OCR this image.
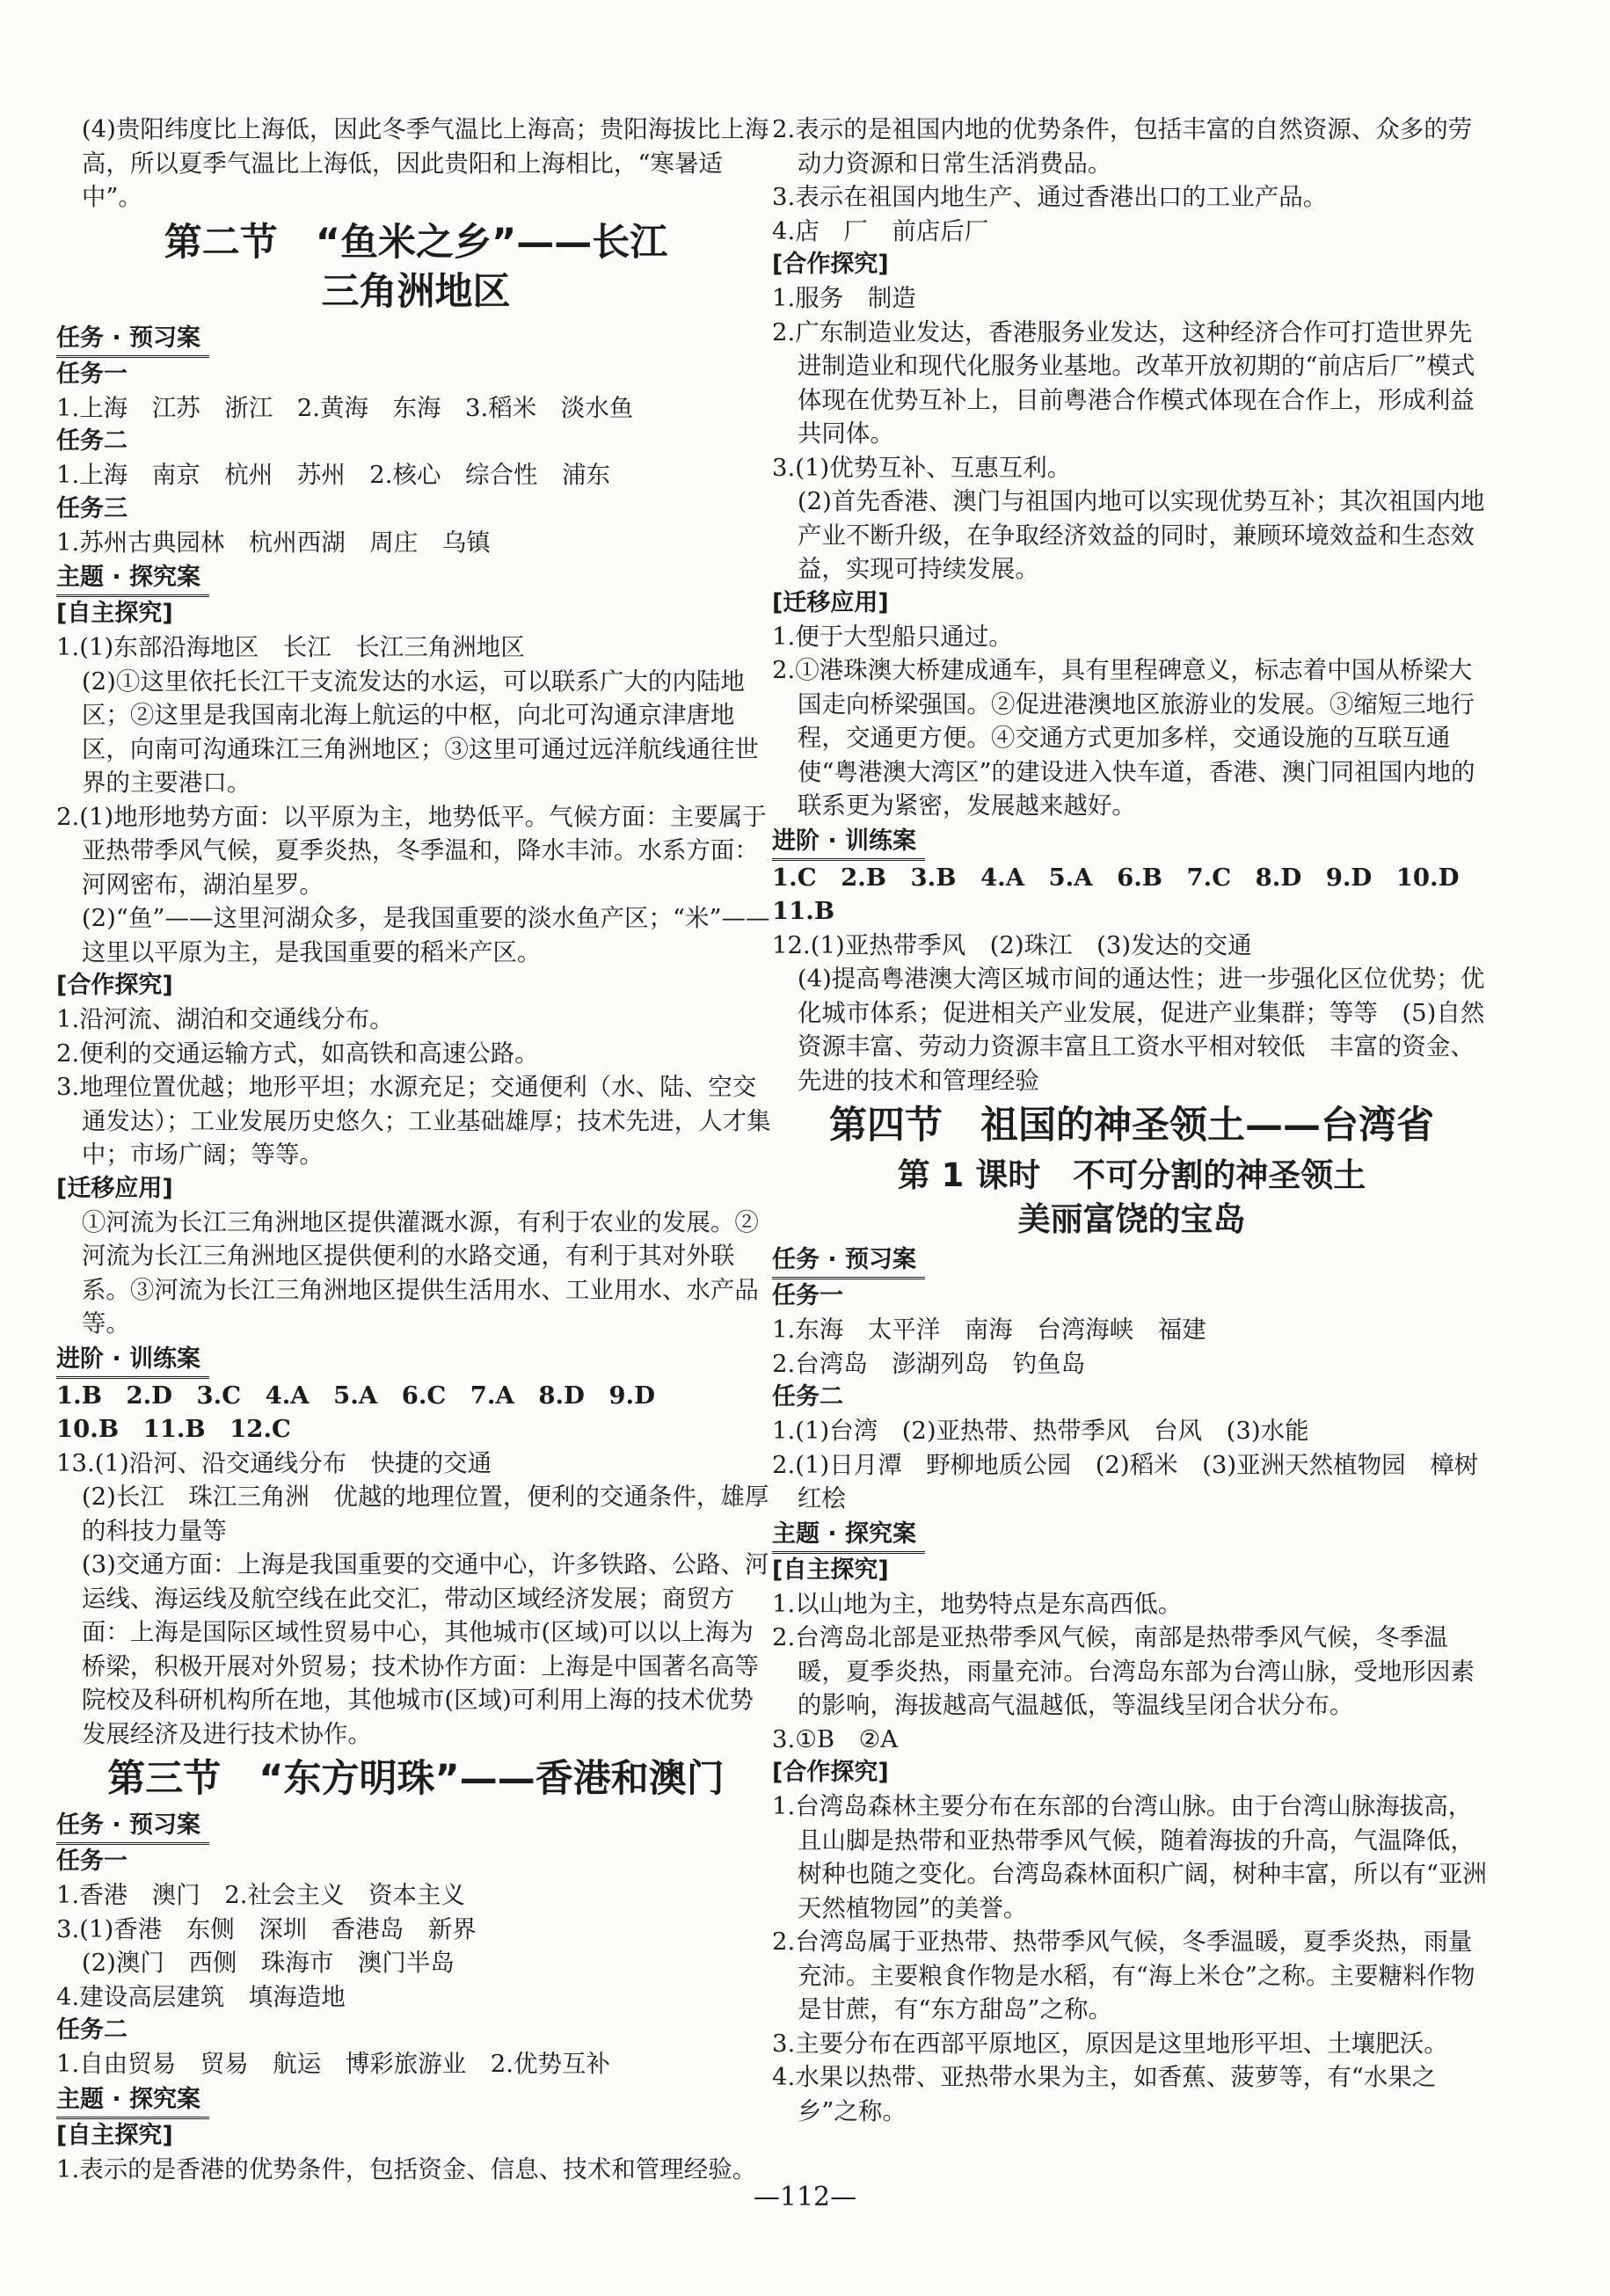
(4)贵阳纬度比上海低，因此冬季气温比上海高；贵阳海拔比上海高，所以夏季气温比上海低，因此贵阳和上海相比，“寒暑适中”。

第二节　“鱼米之乡”——长江
三角洲地区
任务 · 预习案
任务一

1.上海　江苏　浙江　2.黄海　东海　3.稻米　淡水鱼

任务二

1.上海　南京　杭州　苏州　2.核心　综合性　浦东

任务三

1.苏州古典园林　杭州西湖　周庄　乌镇

主题 · 探究案
[自主探究]

1.(1)东部沿海地区　长江　长江三角洲地区

(2)①这里依托长江干支流发达的水运，可以联系广大的内陆地区；②这里是我国南北海上航运的中枢，向北可沟通京津唐地区，向南可沟通珠江三角洲地区；③这里可通过远洋航线通往世界的主要港口。

2.(1)地形地势方面：以平原为主，地势低平。气候方面：主要属于亚热带季风气候，夏季炎热，冬季温和，降水丰沛。水系方面：河网密布，湖泊星罗。

(2)“鱼”——这里河湖众多，是我国重要的淡水鱼产区；“米”——这里以平原为主，是我国重要的稻米产区。

[合作探究]

1.沿河流、湖泊和交通线分布。

2.便利的交通运输方式，如高铁和高速公路。

3.地理位置优越；地形平坦；水源充足；交通便利（水、陆、空交通发达）；工业发展历史悠久；工业基础雄厚；技术先进，人才集中；市场广阔；等等。

[迁移应用]

①河流为长江三角洲地区提供灌溉水源，有利于农业的发展。②河流为长江三角洲地区提供便利的水路交通，有利于其对外联系。③河流为长江三角洲地区提供生活用水、工业用水、水产品等。

进阶 · 训练案

1.B　2.D　3.C　4.A　5.A　6.C　7.A　8.D　9.D

10.B　11.B　12.C

13.(1)沿河、沿交通线分布　快捷的交通

(2)长江　珠江三角洲　优越的地理位置，便利的交通条件，雄厚的科技力量等

(3)交通方面：上海是我国重要的交通中心，许多铁路、公路、河运线、海运线及航空线在此交汇，带动区域经济发展；商贸方面：上海是国际区域性贸易中心，其他城市(区域)可以以上海为桥梁，积极开展对外贸易；技术协作方面：上海是中国著名高等院校及科研机构所在地，其他城市(区域)可利用上海的技术优势发展经济及进行技术协作。

第三节　“东方明珠”——香港和澳门
任务 · 预习案
任务一

1.香港　澳门　2.社会主义　资本主义

3.(1)香港　东侧　深圳　香港岛　新界

(2)澳门　西侧　珠海市　澳门半岛

4.建设高层建筑　填海造地

任务二

1.自由贸易　贸易　航运　博彩旅游业　2.优势互补

主题 · 探究案
[自主探究]

1.表示的是香港的优势条件，包括资金、信息、技术和管理经验。

2.表示的是祖国内地的优势条件，包括丰富的自然资源、众多的劳动力资源和日常生活消费品。

3.表示在祖国内地生产、通过香港出口的工业产品。

4.店　厂　前店后厂

[合作探究]

1.服务　制造

2.广东制造业发达，香港服务业发达，这种经济合作可打造世界先进制造业和现代化服务业基地。改革开放初期的“前店后厂”模式体现在优势互补上，目前粤港合作模式体现在合作上，形成利益共同体。

3.(1)优势互补、互惠互利。

(2)首先香港、澳门与祖国内地可以实现优势互补；其次祖国内地产业不断升级，在争取经济效益的同时，兼顾环境效益和生态效益，实现可持续发展。

[迁移应用]

1.便于大型船只通过。

2.①港珠澳大桥建成通车，具有里程碑意义，标志着中国从桥梁大国走向桥梁强国。②促进港澳地区旅游业的发展。③缩短三地行程，交通更方便。④交通方式更加多样，交通设施的互联互通使“粤港澳大湾区”的建设进入快车道，香港、澳门同祖国内地的联系更为紧密，发展越来越好。

进阶 · 训练案

1.C　2.B　3.B　4.A　5.A　6.B　7.C　8.D　9.D　10.D

11.B

12.(1)亚热带季风　(2)珠江　(3)发达的交通

(4)提高粤港澳大湾区城市间的通达性；进一步强化区位优势；优化城市体系；促进相关产业发展，促进产业集群；等等　(5)自然资源丰富、劳动力资源丰富且工资水平相对较低　丰富的资金、先进的技术和管理经验

第四节　祖国的神圣领土——台湾省
第 1 课时　不可分割的神圣领土
美丽富饶的宝岛
任务 · 预习案
任务一

1.东海　太平洋　南海　台湾海峡　福建

2.台湾岛　澎湖列岛　钓鱼岛

任务二

1.(1)台湾　(2)亚热带、热带季风　台风　(3)水能

2.(1)日月潭　野柳地质公园　(2)稻米　(3)亚洲天然植物园　樟树　红桧

主题 · 探究案
[自主探究]

1.以山地为主，地势特点是东高西低。

2.台湾岛北部是亚热带季风气候，南部是热带季风气候，冬季温暖，夏季炎热，雨量充沛。台湾岛东部为台湾山脉，受地形因素的影响，海拔越高气温越低，等温线呈闭合状分布。

3.①B　②A

[合作探究]

1.台湾岛森林主要分布在东部的台湾山脉。由于台湾山脉海拔高，且山脚是热带和亚热带季风气候，随着海拔的升高，气温降低，树种也随之变化。台湾岛森林面积广阔，树种丰富，所以有“亚洲天然植物园”的美誉。

2.台湾岛属于亚热带、热带季风气候，冬季温暖，夏季炎热，雨量充沛。主要粮食作物是水稻，有“海上米仓”之称。主要糖料作物是甘蔗，有“东方甜岛”之称。

3.主要分布在西部平原地区，原因是这里地形平坦、土壤肥沃。

4.水果以热带、亚热带水果为主，如香蕉、菠萝等，有“水果之乡”之称。

—112—
